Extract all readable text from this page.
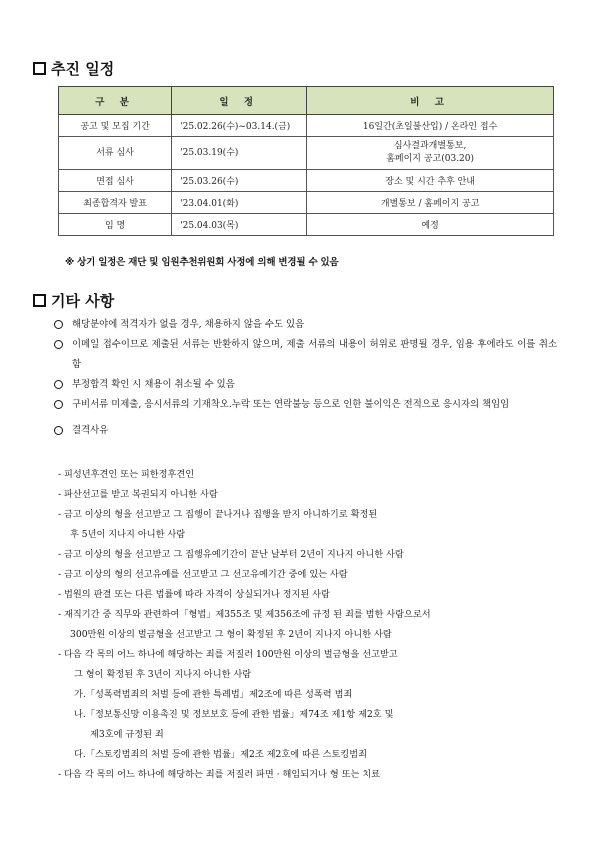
추진 일정
구 분	일 정	비 고
공고 및 모집 기간	'25.02.26(수)~03.14.(금)	16일간(초일불산입) / 온라인 접수
서류 심사	'25.03.19(수)	심사결과개별통보,
홈페이지 공고(03.20)

면접 심사	'25.03.26(수)	장소 및 시간 추후 안내
최종합격자 발표	'23.04.01(화)	개별통보 / 홈페이지 공고
임 명	'25.04.03(목)	예정
※ 상기 일정은 재단 및 임원추천위원회 사정에 의해 변경될 수 있음
기타 사항

해당분야에 적격자가 없을 경우, 채용하지 않을 수도 있음

이메일 접수이므로 제출된 서류는 반환하지 않으며, 제출 서류의 내용이 허위로 판명될 경우, 임용 후에라도 이를 취소함

부정합격 확인 시 채용이 취소될 수 있음

구비서류 미제출, 응시서류의 기재착오.누락 또는 연락불능 등으로 인한 불이익은 전적으로 응시자의 책임임

결격사유

- 피성년후견인 또는 피한정후견인
- 파산선고를 받고 복권되지 아니한 사람
- 금고 이상의 형을 선고받고 그 집행이 끝나거나 집행을 받지 아니하기로 확정된
후 5년이 지나지 아니한 사람
- 금고 이상의 형을 선고받고 그 집행유예기간이 끝난 날부터 2년이 지나지 아니한 사람
- 금고 이상의 형의 선고유예를 선고받고 그 선고유예기간 중에 있는 사람
- 법원의 판결 또는 다른 법률에 따라 자격이 상실되거나 정지된 사람
- 재직기간 중 직무와 관련하여「형법」제355조 및 제356조에 규정 된 죄를 범한 사람으로서
300만원 이상의 벌금형을 선고받고 그 형이 확정된 후 2년이 지나지 아니한 사람
- 다음 각 목의 어느 하나에 해당하는 죄를 저질러 100만원 이상의 벌금형을 선고받고
그 형이 확정된 후 3년이 지나지 아니한 사람
가.「성폭력범죄의 처벌 등에 관한 특례법」제2조에 따른 성폭력 범죄
나.「정보통신망 이용촉진 및 정보보호 등에 관한 법률」제74조 제1항 제2호 및
제3호에 규정된 죄
다.「스토킹범죄의 처벌 등에 관한 법률」제2조 제2호에 따른 스토킹범죄
- 다음 각 목의 어느 하나에 해당하는 죄를 저질러 파면 · 해임되거나 형 또는 치료
